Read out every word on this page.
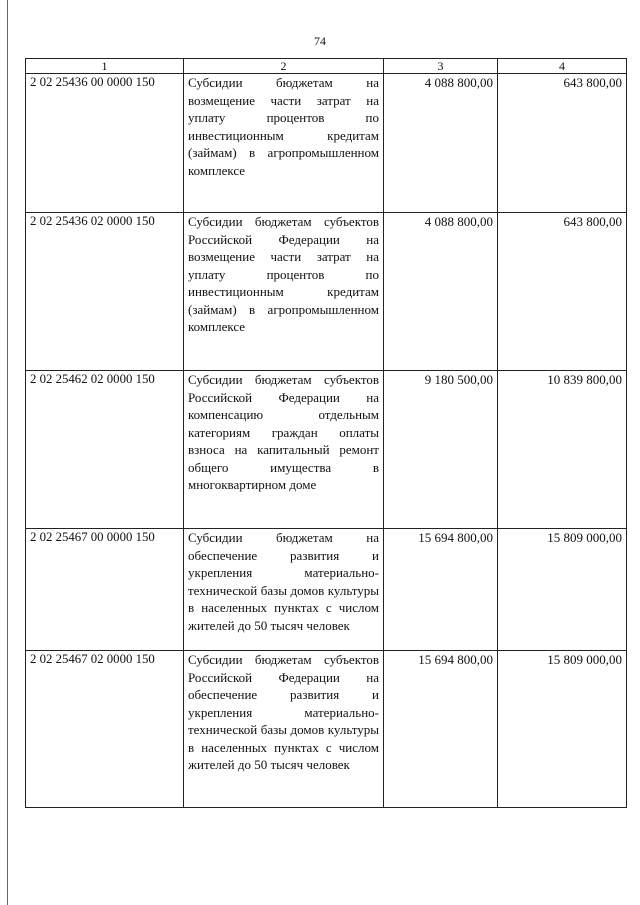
74
1	2	3	4
2 02 25436 00 0000 150	Субсидии бюджетам на возмещение части затрат на уплату процентов по инвестиционным кредитам (займам) в агропромышленном комплексе	4 088 800,00	643 800,00
2 02 25436 02 0000 150	Субсидии бюджетам субъектов Российской Федерации на возмещение части затрат на уплату процентов по инвестиционным кредитам (займам) в агропромышленном комплексе	4 088 800,00	643 800,00
2 02 25462 02 0000 150	Субсидии бюджетам субъектов Российской Федерации на компенсацию отдельным категориям граждан оплаты взноса на капитальный ремонт общего имущества в многоквартирном доме	9 180 500,00	10 839 800,00
2 02 25467 00 0000 150	Субсидии бюджетам на обеспечение развития и укрепления материально-технической базы домов культуры в населенных пунктах с числом жителей до 50 тысяч человек	15 694 800,00	15 809 000,00
2 02 25467 02 0000 150	Субсидии бюджетам субъектов Российской Федерации на обеспечение развития и укрепления материально-технической базы домов культуры в населенных пунктах с числом жителей до 50 тысяч человек	15 694 800,00	15 809 000,00
